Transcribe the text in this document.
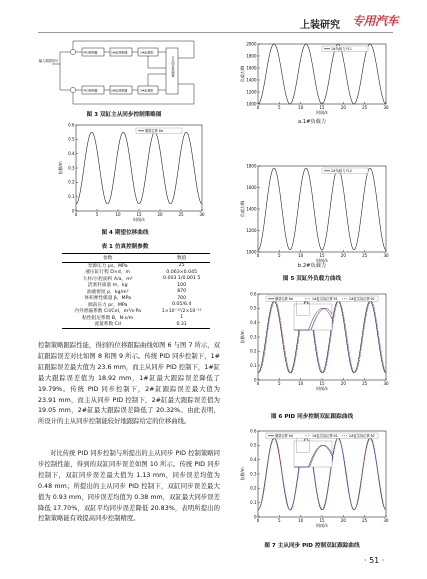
上装研究 专用汽车
输入期望信号
PID控制器	1#缸控制器	1#缸模型
PID控制器	2#缸控制器	2#缸模型
主从同步控制器
图 3 双缸主从同步控制策略图
0	5	10	15	20	25	30
0
0.1
0.2
0.3
0.4
0.5
0.6
时间/s
位移/m
期望位移 θd
图 4 期望位移曲线
表 1 仿真控制参数
参数	数值
泵源压力 ps，MPa	25
液压缸行程 D×d，m	0.063×0.045
大杆/小腔面积 A/a，m²	0.003 1/0.001 5
活塞杆质量 m，kg	100
油液密度 ρ，kg/m³	870
体积弹性模量 β，MPa	700
阀前压力 pr，MPa	0.05/6.4
内外泄漏系数 Cil/Cel，m³/s·Pa	1×10⁻¹²/2×10⁻¹²
粘性阻尼系数 B，N·s/m	1
流量系数 Cd	0.31
控制策略跟踪性能，得到的位移跟踪曲线如图 6 与图 7 所示，双缸跟踪误差对比如图 8 和图 9 所示。传统 PID 同步控制下，1#缸跟踪误差最大值为 23.6 mm，而主从同步 PID 控制下，1#缸最大跟踪误差值为 18.92 mm，1#缸最大跟踪误差降低了 19.79%。传统 PID 同步控制下，2#缸跟踪误差最大值为 23.91 mm，而主从同步 PID 控制下，2#缸最大跟踪误差值为 19.05 mm，2#缸最大跟踪误差降低了 20.32%。由此表明，所设计的主从同步控制能较好地跟踪给定的位移曲线。
对比传统 PID 同步控制与所提出的主从同步 PID 控制策略同步控制性能，得到的双缸同步误差如图 10 所示。传统 PID 同步控制下，双缸同步误差最大值为 1.13 mm，同步误差均值为 0.48 mm；所提出的主从同步 PID 控制下，双缸同步误差最大值为 0.93 mm，同步误差均值为 0.38 mm，双缸最大同步误差降低 17.70%，双缸平均同步误差降低 20.83%，表明所提出的控制策略能有效提高同步控制精度。
0	5	10	15	20	25	30
1000
1200
1400
1600
1800
2000
时间/s
负载力/N
1#负载力 FL1
a.1#负载力
0	5	10	15	20	25	30
1000
1200
1400
1600
1800
时间/s
负载力/N
2#负载力 FL2
b.2#负载力
图 5 双缸外负载力曲线
0	5	10	15	20	25	30
0
0.1
0.2
0.3
0.4
0.5
0.6
时间/s
位移/m
期望位移 θd	1#缸实际位移 θ1	2#缸实际位移 θ2
图 6 PID 同步控制双缸跟踪曲线
0	5	10	15	20	25	30
0
0.1
0.2
0.3
0.4
0.5
0.6
时间/s
位移/m
期望位移 θd	1#缸实际位移 θ1	2#缸实际位移 θ2
图 7 主从同步 PID 控制双缸跟踪曲线
· 51 ·
